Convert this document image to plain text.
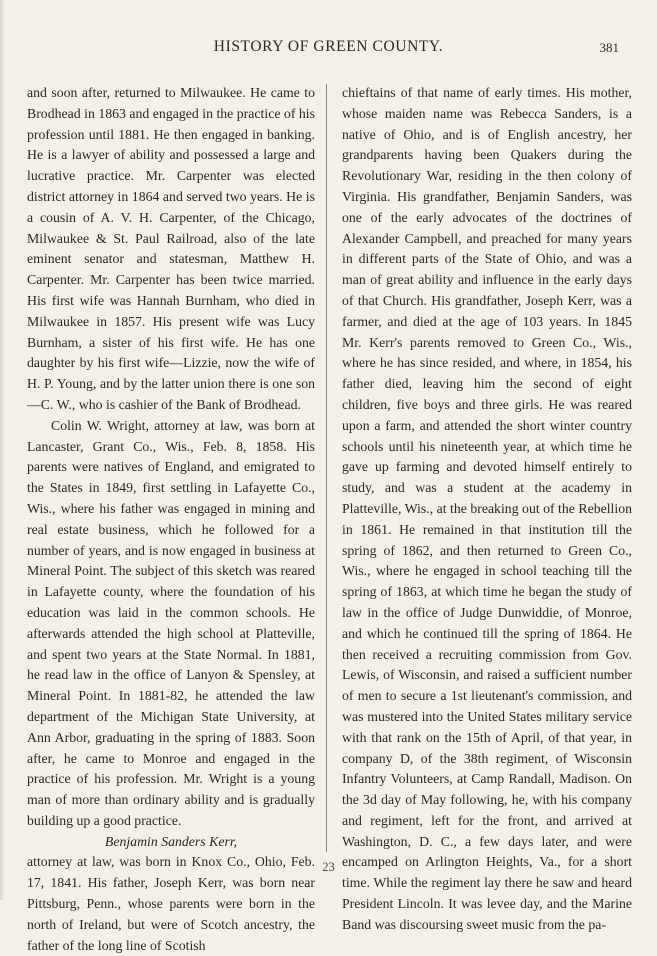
HISTORY OF GREEN COUNTY.	381

and soon after, returned to Milwaukee. He came to Brodhead in 1863 and engaged in the practice of his profession until 1881. He then engaged in banking. He is a lawyer of ability and possessed a large and lucrative practice. Mr. Carpenter was elected district attorney in 1864 and served two years. He is a cousin of A. V. H. Carpenter, of the Chicago, Milwaukee & St. Paul Railroad, also of the late eminent senator and statesman, Matthew H. Carpenter. Mr. Carpenter has been twice married. His first wife was Hannah Burnham, who died in Milwaukee in 1857. His present wife was Lucy Burnham, a sister of his first wife. He has one daughter by his first wife—Lizzie, now the wife of H. P. Young, and by the latter union there is one son—C. W., who is cashier of the Bank of Brodhead.

Colin W. Wright, attorney at law, was born at Lancaster, Grant Co., Wis., Feb. 8, 1858. His parents were natives of England, and emigrated to the States in 1849, first settling in Lafayette Co., Wis., where his father was engaged in mining and real estate business, which he followed for a number of years, and is now engaged in business at Mineral Point. The subject of this sketch was reared in Lafayette county, where the foundation of his education was laid in the common schools. He afterwards attended the high school at Platteville, and spent two years at the State Normal. In 1881, he read law in the office of Lanyon & Spensley, at Mineral Point. In 1881-82, he attended the law department of the Michigan State University, at Ann Arbor, graduating in the spring of 1883. Soon after, he came to Monroe and engaged in the practice of his profession. Mr. Wright is a young man of more than ordinary ability and is gradually building up a good practice.

Benjamin Sanders Kerr,

attorney at law, was born in Knox Co., Ohio, Feb. 17, 1841. His father, Joseph Kerr, was born near Pittsburg, Penn., whose parents were born in the north of Ireland, but were of Scotch ancestry, the father of the long line of Scotish

chieftains of that name of early times. His mother, whose maiden name was Rebecca Sanders, is a native of Ohio, and is of English ancestry, her grandparents having been Quakers during the Revolutionary War, residing in the then colony of Virginia. His grandfather, Benjamin Sanders, was one of the early advocates of the doctrines of Alexander Campbell, and preached for many years in different parts of the State of Ohio, and was a man of great ability and influence in the early days of that Church. His grandfather, Joseph Kerr, was a farmer, and died at the age of 103 years. In 1845 Mr. Kerr's parents removed to Green Co., Wis., where he has since resided, and where, in 1854, his father died, leaving him the second of eight children, five boys and three girls. He was reared upon a farm, and attended the short winter country schools until his nineteenth year, at which time he gave up farming and devoted himself entirely to study, and was a student at the academy in Platteville, Wis., at the breaking out of the Rebellion in 1861. He remained in that institution till the spring of 1862, and then returned to Green Co., Wis., where he engaged in school teaching till the spring of 1863, at which time he began the study of law in the office of Judge Dunwiddie, of Monroe, and which he continued till the spring of 1864. He then received a recruiting commission from Gov. Lewis, of Wisconsin, and raised a sufficient number of men to secure a 1st lieutenant's commission, and was mustered into the United States military service with that rank on the 15th of April, of that year, in company D, of the 38th regiment, of Wisconsin Infantry Volunteers, at Camp Randall, Madison. On the 3d day of May following, he, with his company and regiment, left for the front, and arrived at Washington, D. C., a few days later, and were encamped on Arlington Heights, Va., for a short time. While the regiment lay there he saw and heard President Lincoln. It was levee day, and the Marine Band was discoursing sweet music from the pa-

23
